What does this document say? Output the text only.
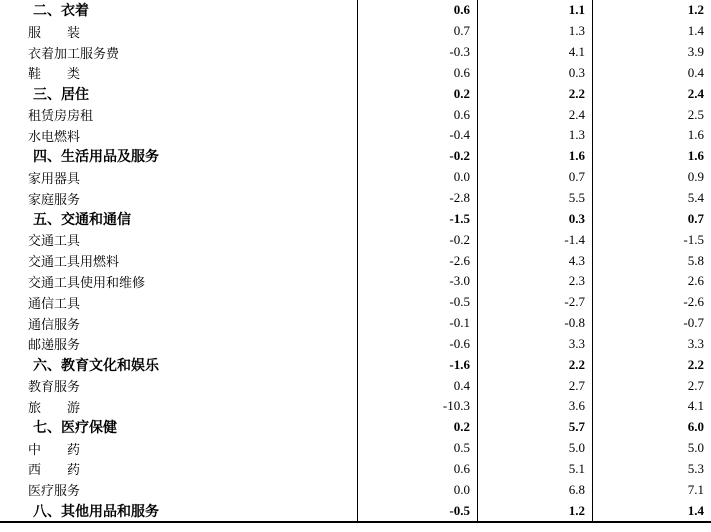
二、衣着	0.6	1.1	1.2
服　　装	0.7	1.3	1.4
衣着加工服务费	-0.3	4.1	3.9
鞋　　类	0.6	0.3	0.4
三、居住	0.2	2.2	2.4
租赁房房租	0.6	2.4	2.5
水电燃料	-0.4	1.3	1.6
四、生活用品及服务	-0.2	1.6	1.6
家用器具	0.0	0.7	0.9
家庭服务	-2.8	5.5	5.4
五、交通和通信	-1.5	0.3	0.7
交通工具	-0.2	-1.4	-1.5
交通工具用燃料	-2.6	4.3	5.8
交通工具使用和维修	-3.0	2.3	2.6
通信工具	-0.5	-2.7	-2.6
通信服务	-0.1	-0.8	-0.7
邮递服务	-0.6	3.3	3.3
六、教育文化和娱乐	-1.6	2.2	2.2
教育服务	0.4	2.7	2.7
旅　　游	-10.3	3.6	4.1
七、医疗保健	0.2	5.7	6.0
中　　药	0.5	5.0	5.0
西　　药	0.6	5.1	5.3
医疗服务	0.0	6.8	7.1
八、其他用品和服务	-0.5	1.2	1.4
